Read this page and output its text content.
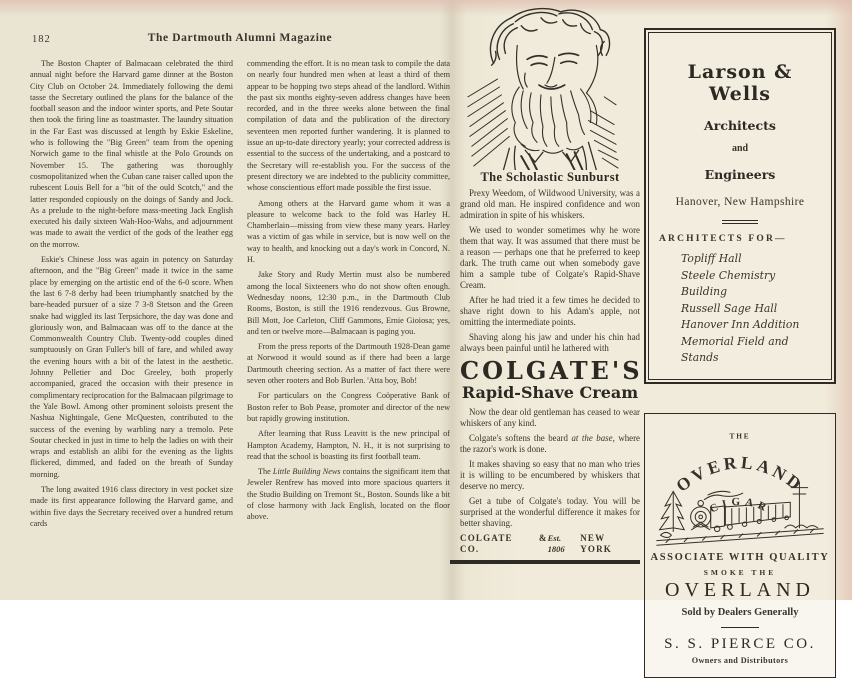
182	The Dartmouth Alumni Magazine

The Boston Chapter of Balmacaan celebrated the third annual night before the Harvard game dinner at the Boston City Club on October 24. Immediately following the demi tasse the Secretary outlined the plans for the balance of the football season and the indoor winter sports, and Pete Soutar then took the firing line as toastmaster. The laundry situation in the Far East was discussed at length by Eskie Eskeline, who is following the "Big Green" team from the opening Norwich game to the final whistle at the Polo Grounds on November 15. The gathering was thoroughly cosmopolitanized when the Cuban cane raiser called upon the rubescent Louis Bell for a "bit of the ould Scotch," and the latter responded copiously on the doings of Sandy and Jock. As a prelude to the night-before mass-meeting Jack English executed his daily sixteen Wah-Hoo-Wahs, and adjournment was made to await the verdict of the gods of the leather egg on the morrow.

Eskie's Chinese Joss was again in potency on Saturday afternoon, and the "Big Green" made it twice in the same place by emerging on the artistic end of the 6-0 score. When the last 6 7-8 derby had been triumphantly snatched by the bare-headed pursuer of a size 7 3-8 Stetson and the Green snake had wiggled its last Terpsichore, the day was done and gloriously won, and Balmacaan was off to the dance at the Commonwealth Country Club. Twenty-odd couples dined sumptuously on Gran Fuller's bill of fare, and whiled away the evening hours with a bit of the latest in the aesthetic. Johnny Pelletier and Doc Greeley, both properly accompanied, graced the occasion with their presence in complimentary reciprocation for the Balmacaan pilgrimage to the Yale Bowl. Among other prominent soloists present the Nashua Nightingale, Gene McQuesten, contributed to the success of the evening by warbling nary a tremolo. Pete Soutar checked in just in time to help the ladies on with their wraps and establish an alibi for the evening as the lights flickered, dimmed, and faded on the breath of Sunday morning.

The long awaited 1916 class directory in vest pocket size made its first appearance following the Harvard game, and within five days the Secretary received over a hundred return cards

commending the effort. It is no mean task to compile the data on nearly four hundred men when at least a third of them appear to be hopping two steps ahead of the landlord. Within the past six months eighty-seven address changes have been recorded, and in the three weeks alone between the final compilation of data and the publication of the directory seventeen men reported further wandering. It is planned to issue an up-to-date directory yearly; your corrected address is essential to the success of the undertaking, and a postcard to the Secretary will re-establish you. For the success of the present directory we are indebted to the publicity committee, whose conscientious effort made possible the first issue.

Among others at the Harvard game whom it was a pleasure to welcome back to the fold was Harley H. Chamberlain—missing from view these many years. Harley was a victim of gas while in service, but is now well on the way to health, and knocking out a day's work in Concord, N. H.

Jake Story and Rudy Mertin must also be numbered among the local Sixteeners who do not show often enough. Wednesday noons, 12:30 p.m., in the Dartmouth Club Rooms, Boston, is still the 1916 rendezvous. Gus Browne, Bill Mott, Joe Carleton, Cliff Gammons, Ernie Gioiosa; yes, and ten or twelve more—Balmacaan is paging you.

From the press reports of the Dartmouth 1928-Dean game at Norwood it would sound as if there had been a large Dartmouth cheering section. As a matter of fact there were seven other rooters and Bob Burlen. 'Atta boy, Bob!

For particulars on the Congress Coöperative Bank of Boston refer to Bob Pease, promoter and director of the new but rapidly growing institution.

After learning that Russ Leavitt is the new principal of Hampton Academy, Hampton, N. H., it is not surprising to read that the school is boasting its first football team.

The Little Building News contains the significant item that Jeweler Renfrew has moved into more spacious quarters it the Studio Building on Tremont St., Boston. Sounds like a bit of close harmony with Jack English, located on the floor above.

The Scholastic Sunburst

Prexy Weedom, of Wildwood University, was a grand old man. He inspired confidence and won admiration in spite of his whiskers.

We used to wonder sometimes why he wore them that way. It was assumed that there must be a reason — perhaps one that he preferred to keep dark. The truth came out when somebody gave him a sample tube of Colgate's Rapid-Shave Cream.

After he had tried it a few times he decided to shave right down to his Adam's apple, not omitting the intermediate points.

Shaving along his jaw and under his chin had always been painful until he lathered with

COLGATE'S
Rapid-Shave Cream

Now the dear old gentleman has ceased to wear whiskers of any kind.

Colgate's softens the beard at the base, where the razor's work is done.

It makes shaving so easy that no man who tries it is willing to be encumbered by whiskers that deserve no mercy.

Get a tube of Colgate's today. You will be surprised at the wonderful difference it makes for better shaving.

COLGATE & CO.
Est. 1806
NEW YORK
Larson & Wells
Architects
and
Engineers
Hanover, New Hampshire
ARCHITECTS FOR—
Topliff Hall
Steele Chemistry Building
Russell Sage Hall
Hanover Inn Addition
Memorial Field and Stands
THE
OVERLAND
CIGAR
ASSOCIATE WITH QUALITY
SMOKE THE
OVERLAND
Sold by Dealers Generally
S. S. PIERCE CO.
Owners and Distributors
